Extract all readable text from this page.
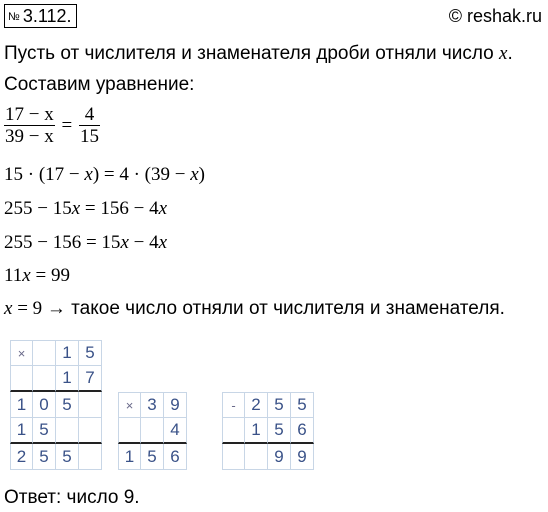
№ 3.112.	© reshak.ru
Пусть от числителя и знаменателя дроби отняли число x.
Составим уравнение:
$\frac{17 - x}{39 - x} = \frac{4}{15}$
15 · (17 − x) = 4 · (39 − x)
255 − 15x = 156 − 4x
255 − 156 = 15x − 4x
11x = 99
x = 9 → такое число отняли от числителя и знаменателя.
×	1 5
1 7
1 0 5
1 5
2 5 5
× 3 9
4
1 5 6
- 2 5 5
1 5 6
9 9
Ответ: число 9.
